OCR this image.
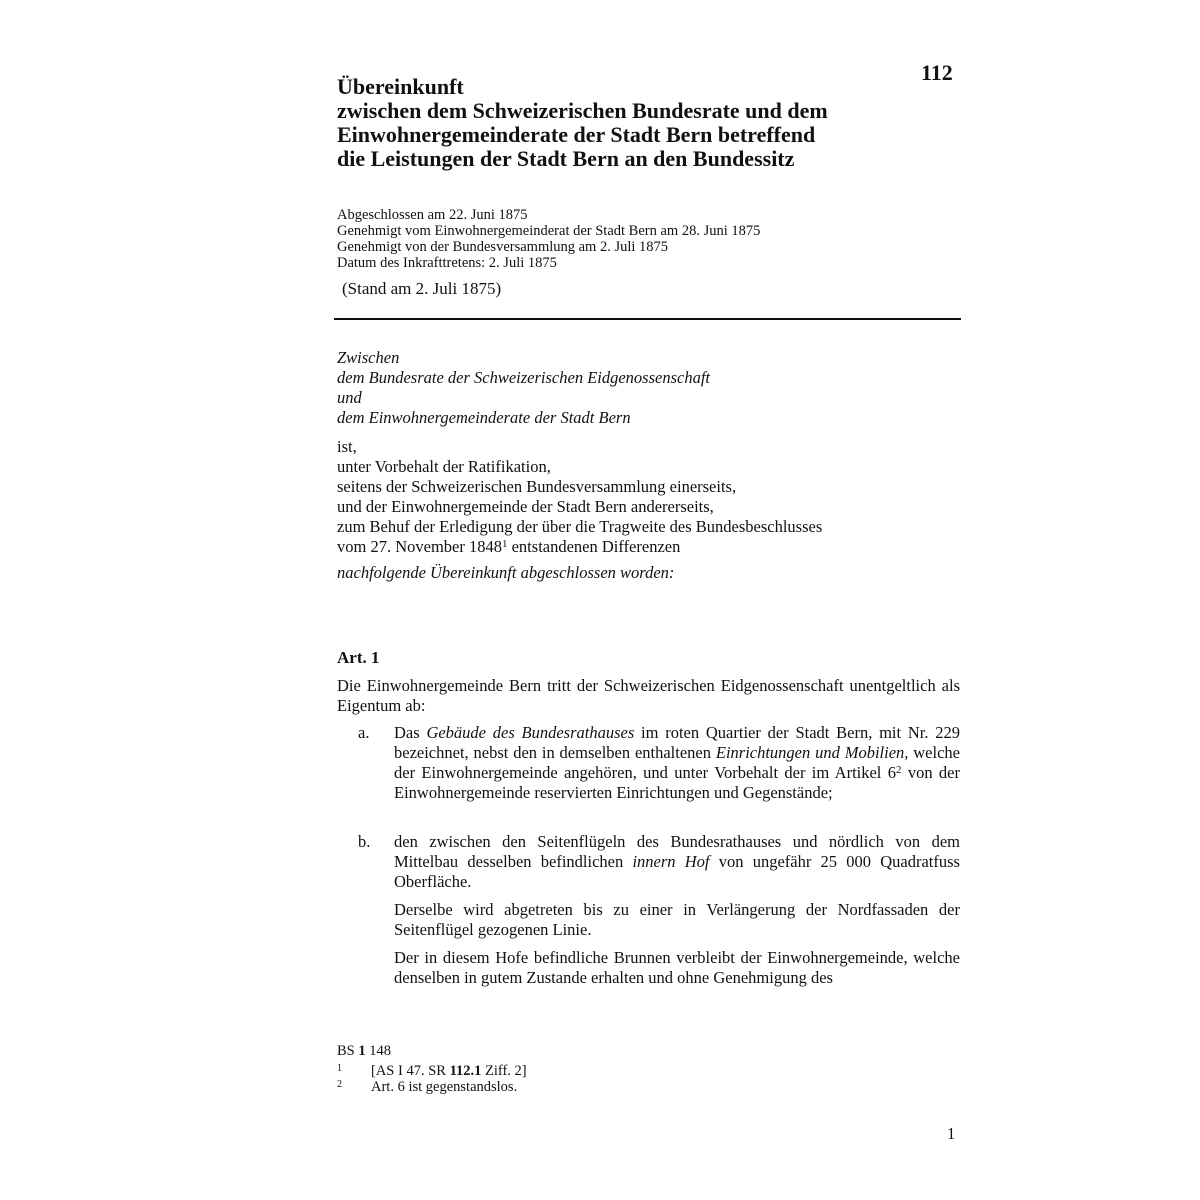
112
Übereinkunft
zwischen dem Schweizerischen Bundesrate und dem
Einwohnergemeinderate der Stadt Bern betreffend
die Leistungen der Stadt Bern an den Bundessitz
Abgeschlossen am 22. Juni 1875
Genehmigt vom Einwohnergemeinderat der Stadt Bern am 28. Juni 1875
Genehmigt von der Bundesversammlung am 2. Juli 1875
Datum des Inkrafttretens: 2. Juli 1875
(Stand am 2. Juli 1875)
Zwischen
dem Bundesrate der Schweizerischen Eidgenossenschaft
und
dem Einwohnergemeinderate der Stadt Bern
ist,
unter Vorbehalt der Ratifikation,
seitens der Schweizerischen Bundesversammlung einerseits,
und der Einwohnergemeinde der Stadt Bern andererseits,
zum Behuf der Erledigung der über die Tragweite des Bundesbeschlusses
vom 27. November 1848$^1$ entstandenen Differenzen
nachfolgende Übereinkunft abgeschlossen worden:
Art. 1
Die Einwohnergemeinde Bern tritt der Schweizerischen Eidgenossenschaft unentgeltlich als Eigentum ab:
a. Das Gebäude des Bundesrathauses im roten Quartier der Stadt Bern, mit Nr. 229 bezeichnet, nebst den in demselben enthaltenen Einrichtungen und Mobilien, welche der Einwohnergemeinde angehören, und unter Vorbehalt der im Artikel $6^2$ von der Einwohnergemeinde reservierten Einrichtungen und Gegenstände;

b. den zwischen den Seitenflügeln des Bundesrathauses und nördlich von dem Mittelbau desselben befindlichen innern Hof von ungefähr 25 000 Quadratfuss Oberfläche.

Derselbe wird abgetreten bis zu einer in Verlängerung der Nordfassaden der Seitenflügel gezogenen Linie.

Der in diesem Hofe befindliche Brunnen verbleibt der Einwohnergemeinde, welche denselben in gutem Zustande erhalten und ohne Genehmigung des

BS 1 148
1 [AS I 47. SR 112.1 Ziff. 2]
2 Art. 6 ist gegenstandslos.
1
